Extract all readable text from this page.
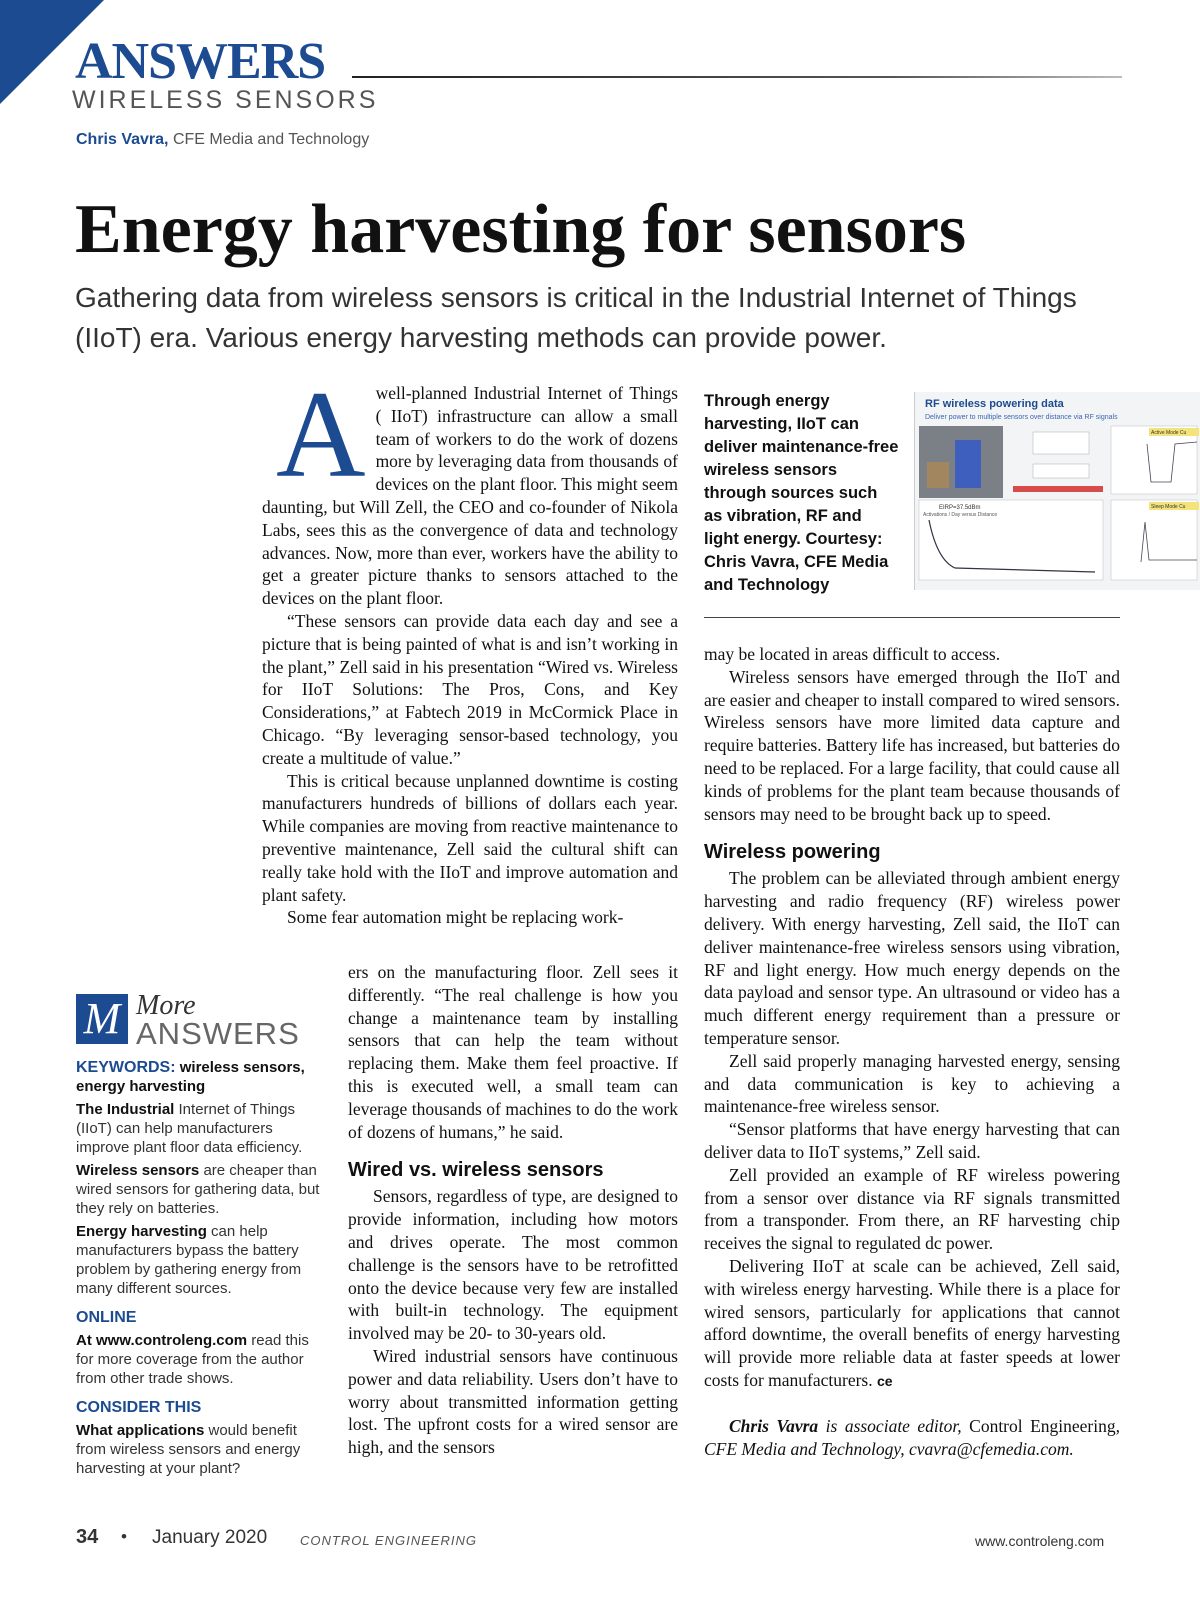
ANSWERS
WIRELESS SENSORS
Chris Vavra, CFE Media and Technology
Energy harvesting for sensors
Gathering data from wireless sensors is critical in the Industrial Internet of Things (IIoT) era. Various energy harvesting methods can provide power.
A well-planned Industrial Internet of Things ( IIoT) infrastructure can allow a small team of workers to do the work of dozens more by leveraging data from thousands of devices on the plant floor. This might seem daunting, but Will Zell, the CEO and co-founder of Nikola Labs, sees this as the convergence of data and technology advances. Now, more than ever, workers have the ability to get a greater picture thanks to sensors attached to the devices on the plant floor.

“These sensors can provide data each day and see a picture that is being painted of what is and isn’t working in the plant,” Zell said in his presentation “Wired vs. Wireless for IIoT Solutions: The Pros, Cons, and Key Considerations,” at Fabtech 2019 in McCormick Place in Chicago. “By leveraging sensor-based technology, you create a multitude of value.”

This is critical because unplanned downtime is costing manufacturers hundreds of billions of dollars each year. While companies are moving from reactive maintenance to preventive maintenance, Zell said the cultural shift can really take hold with the IIoT and improve automation and plant safety.

Some fear automation might be replacing work-

ers on the manufacturing floor. Zell sees it differently. “The real challenge is how you change a maintenance team by installing sensors that can help the team without replacing them. Make them feel proactive. If this is executed well, a small team can leverage thousands of machines to do the work of dozens of humans,” he said.

Wired vs. wireless sensors

Sensors, regardless of type, are designed to provide information, including how motors and drives operate. The most common challenge is the sensors have to be retrofitted onto the device because very few are installed with built-in technology. The equipment involved may be 20- to 30-years old.

Wired industrial sensors have continuous power and data reliability. Users don’t have to worry about transmitted information getting lost. The upfront costs for a wired sensor are high, and the sensors

Through energy harvesting, IIoT can deliver maintenance-free wireless sensors through sources such as vibration, RF and light energy. Courtesy: Chris Vavra, CFE Media and Technology
RF wireless powering data
Deliver power to multiple sensors over distance via RF signals
EIRP=37.5dBm
Activations / Day versus Distance
Active Mode Cu
Sleep Mode Cu

may be located in areas difficult to access.

Wireless sensors have emerged through the IIoT and are easier and cheaper to install compared to wired sensors. Wireless sensors have more limited data capture and require batteries. Battery life has increased, but batteries do need to be replaced. For a large facility, that could cause all kinds of problems for the plant team because thousands of sensors may need to be brought back up to speed.

Wireless powering

The problem can be alleviated through ambient energy harvesting and radio frequency (RF) wireless power delivery. With energy harvesting, Zell said, the IIoT can deliver maintenance-free wireless sensors using vibration, RF and light energy. How much energy depends on the data payload and sensor type. An ultrasound or video has a much different energy requirement than a pressure or temperature sensor.

Zell said properly managing harvested energy, sensing and data communication is key to achieving a maintenance-free wireless sensor.

“Sensor platforms that have energy harvesting that can deliver data to IIoT systems,” Zell said.

Zell provided an example of RF wireless powering from a sensor over distance via RF signals transmitted from a transponder. From there, an RF harvesting chip receives the signal to regulated dc power.

Delivering IIoT at scale can be achieved, Zell said, with wireless energy harvesting. While there is a place for wired sensors, particularly for applications that cannot afford downtime, the overall benefits of energy harvesting will provide more reliable data at faster speeds at lower costs for manufacturers. ce

Chris Vavra is associate editor, Control Engineering, CFE Media and Technology, cvavra@cfemedia.com.

M More
ANSWERS

KEYWORDS: wireless sensors, energy harvesting

The Industrial Internet of Things (IIoT) can help manufacturers improve plant floor data efficiency.

Wireless sensors are cheaper than wired sensors for gathering data, but they rely on batteries.

Energy harvesting can help manufacturers bypass the battery problem by gathering energy from many different sources.

ONLINE

At www.controleng.com read this for more coverage from the author from other trade shows.

CONSIDER THIS

What applications would benefit from wireless sensors and energy harvesting at your plant?

34 • January 2020	CONTROL ENGINEERING	www.controleng.com
